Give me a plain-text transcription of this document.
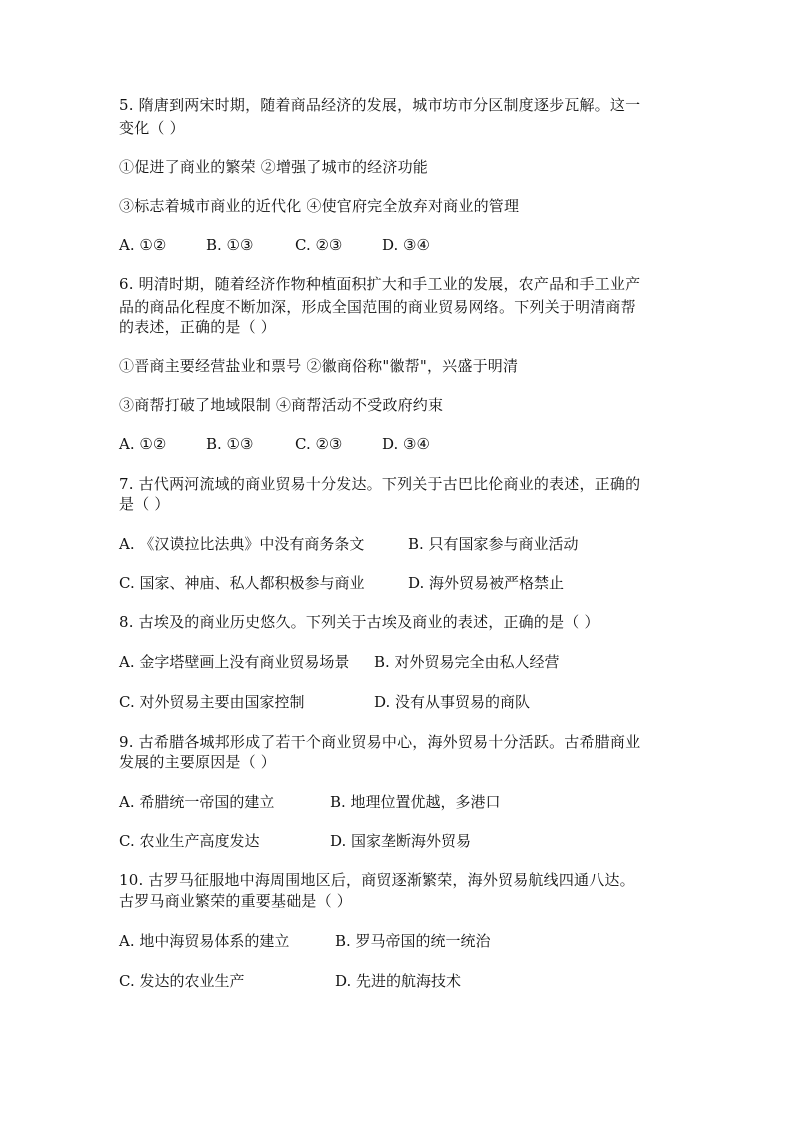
5. 隋唐到两宋时期，随着商品经济的发展，城市坊市分区制度逐步瓦解。这一
变化（ ）
①促进了商业的繁荣 ②增强了城市的经济功能
③标志着城市商业的近代化 ④使官府完全放弃对商业的管理
A. ①②	B. ①③	C. ②③	D. ③④
6. 明清时期，随着经济作物种植面积扩大和手工业的发展，农产品和手工业产
品的商品化程度不断加深，形成全国范围的商业贸易网络。下列关于明清商帮
的表述，正确的是（ ）
①晋商主要经营盐业和票号 ②徽商俗称"徽帮"，兴盛于明清
③商帮打破了地域限制 ④商帮活动不受政府约束
A. ①②	B. ①③	C. ②③	D. ③④
7. 古代两河流域的商业贸易十分发达。下列关于古巴比伦商业的表述，正确的
是（ ）
A. 《汉谟拉比法典》中没有商务条文	B. 只有国家参与商业活动
C. 国家、神庙、私人都积极参与商业	D. 海外贸易被严格禁止
8. 古埃及的商业历史悠久。下列关于古埃及商业的表述，正确的是（ ）
A. 金字塔壁画上没有商业贸易场景 B. 对外贸易完全由私人经营
C. 对外贸易主要由国家控制	D. 没有从事贸易的商队
9. 古希腊各城邦形成了若干个商业贸易中心，海外贸易十分活跃。古希腊商业
发展的主要原因是（ ）
A. 希腊统一帝国的建立	B. 地理位置优越，多港口
C. 农业生产高度发达	D. 国家垄断海外贸易
10. 古罗马征服地中海周围地区后，商贸逐渐繁荣，海外贸易航线四通八达。
古罗马商业繁荣的重要基础是（ ）
A. 地中海贸易体系的建立	B. 罗马帝国的统一统治
C. 发达的农业生产	D. 先进的航海技术
